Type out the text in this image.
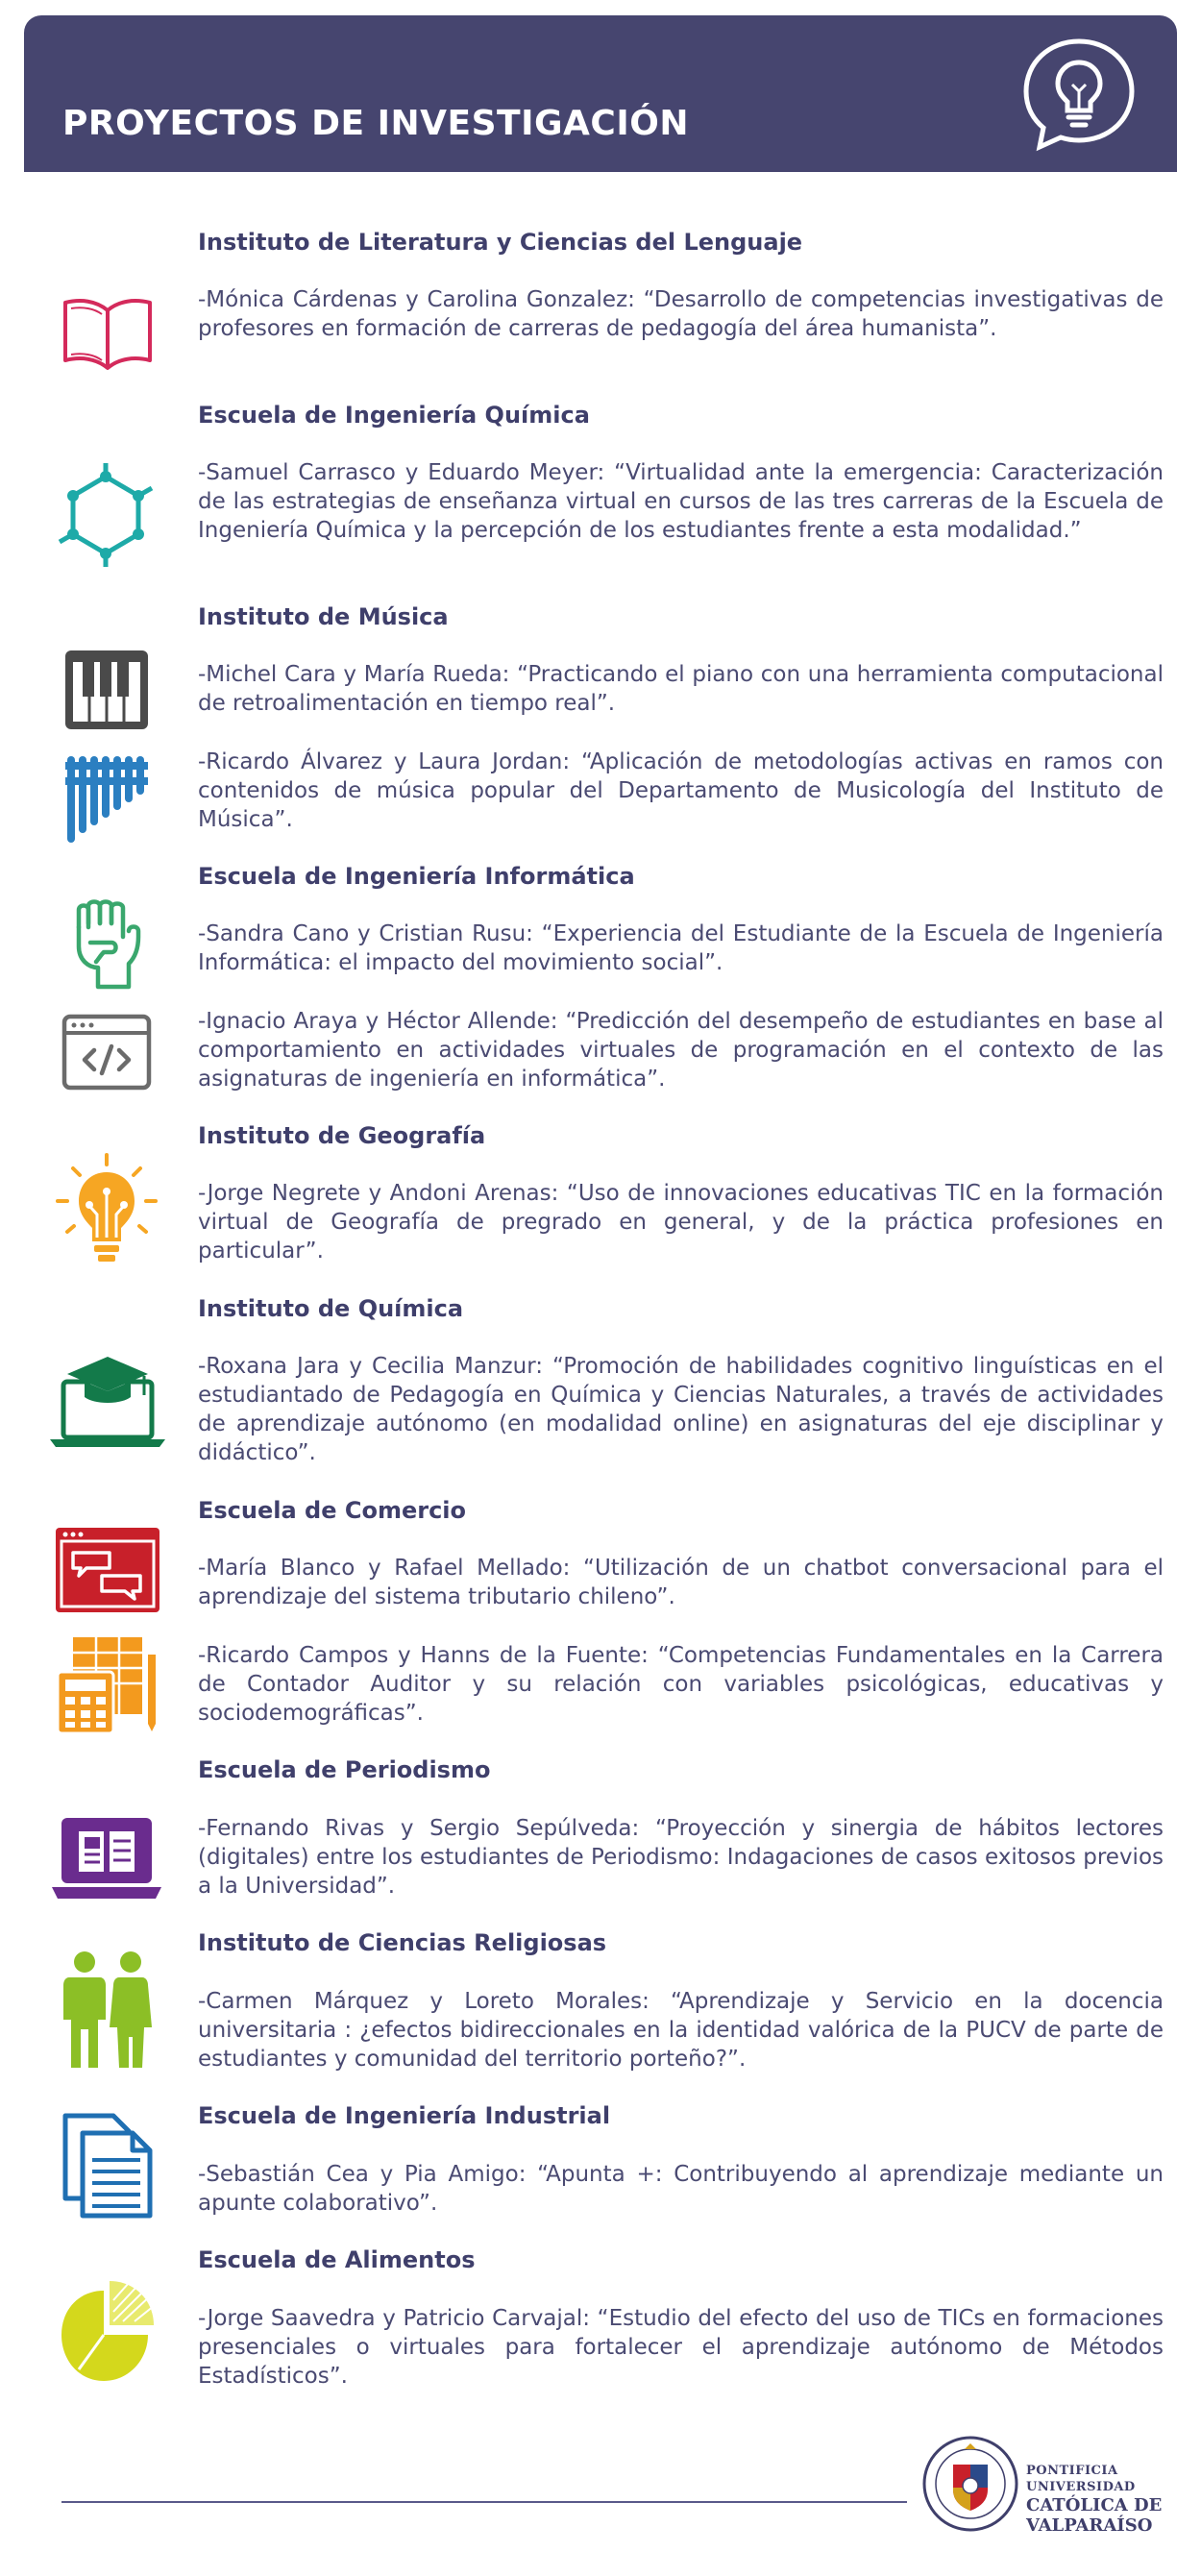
PROYECTOS DE INVESTIGACIÓN
Instituto de Literatura y Ciencias del Lenguaje
-Mónica Cárdenas y Carolina Gonzalez: “Desarrollo de competencias investigativas de profesores en formación de carreras de pedagogía del área humanista”.
Escuela de Ingeniería Química
-Samuel Carrasco y Eduardo Meyer: “Virtualidad ante la emergencia: Caracterización de las estrategias de enseñanza virtual en cursos de las tres carreras de la Escuela de Ingeniería Química y la percepción de los estudiantes frente a esta modalidad.”
Instituto de Música
-Michel Cara y María Rueda: “Practicando el piano con una herramienta computacional de retroalimentación en tiempo real”.
-Ricardo Álvarez y Laura Jordan: “Aplicación de metodologías activas en ramos con contenidos de música popular del Departamento de Musicología del Instituto de Música”.
Escuela de Ingeniería Informática
-Sandra Cano y Cristian Rusu: “Experiencia del Estudiante de la Escuela de Ingeniería Informática: el impacto del movimiento social”.
-Ignacio Araya y Héctor Allende: “Predicción del desempeño de estudiantes en base al comportamiento en actividades virtuales de programación en el contexto de las asignaturas de ingeniería en informática”.
Instituto de Geografía
-Jorge Negrete y Andoni Arenas: “Uso de innovaciones educativas TIC en la formación virtual de Geografía de pregrado en general, y de la práctica profesiones en particular”.
Instituto de Química
-Roxana Jara y Cecilia Manzur: “Promoción de habilidades cognitivo linguísticas en el estudiantado de Pedagogía en Química y Ciencias Naturales, a través de actividades de aprendizaje autónomo (en modalidad online) en asignaturas del eje disciplinar y didáctico”.
Escuela de Comercio
-María Blanco y Rafael Mellado: “Utilización de un chatbot conversacional para el aprendizaje del sistema tributario chileno”.
-Ricardo Campos y Hanns de la Fuente: “Competencias Fundamentales en la Carrera de Contador Auditor y su relación con variables psicológicas, educativas y sociodemográficas”.
Escuela de Periodismo
-Fernando Rivas y Sergio Sepúlveda: “Proyección y sinergia de hábitos lectores (digitales) entre los estudiantes de Periodismo: Indagaciones de casos exitosos previos a la Universidad”.
Instituto de Ciencias Religiosas
-Carmen Márquez y Loreto Morales: “Aprendizaje y Servicio en la docencia universitaria : ¿efectos bidireccionales en la identidad valórica de la PUCV de parte de estudiantes y comunidad del territorio porteño?”.
Escuela de Ingeniería Industrial
-Sebastián Cea y Pia Amigo: “Apunta +: Contribuyendo al aprendizaje mediante un apunte colaborativo”.
Escuela de Alimentos
-Jorge Saavedra y Patricio Carvajal: “Estudio del efecto del uso de TICs en formaciones presenciales o virtuales para fortalecer el aprendizaje autónomo de Métodos Estadísticos”.
PONTIFICIA
UNIVERSIDAD
CATÓLICA DE
VALPARAÍSO
